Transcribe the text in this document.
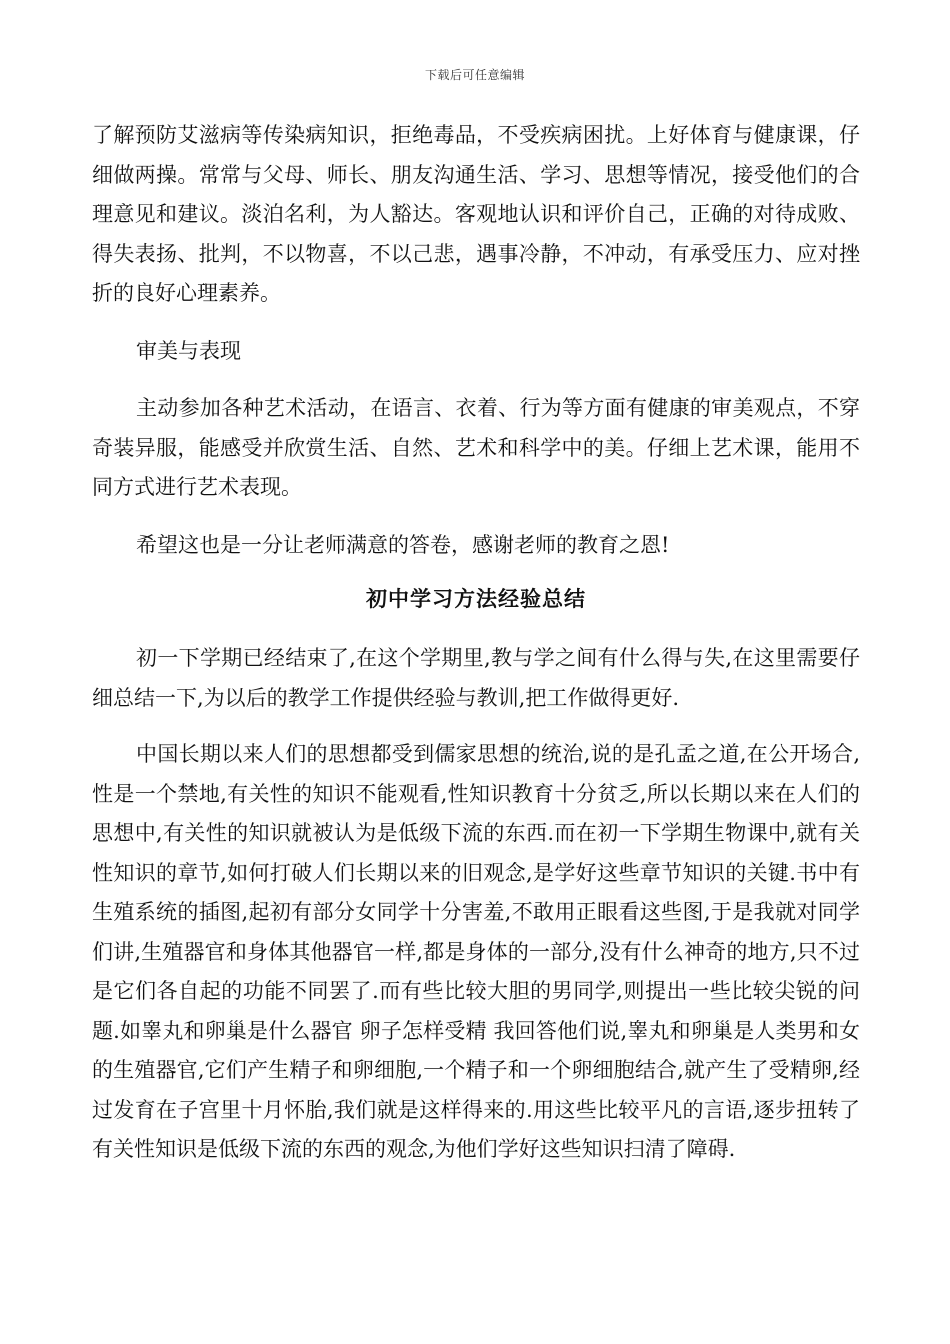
下载后可任意编辑

了解预防艾滋病等传染病知识，拒绝毒品，不受疾病困扰。上好体育与健康课，仔细做两操。常常与父母、师长、朋友沟通生活、学习、思想等情况，接受他们的合理意见和建议。淡泊名利，为人豁达。客观地认识和评价自己，正确的对待成败、得失表扬、批判，不以物喜，不以己悲，遇事冷静，不冲动，有承受压力、应对挫折的良好心理素养。

审美与表现

主动参加各种艺术活动，在语言、衣着、行为等方面有健康的审美观点，不穿奇装异服，能感受并欣赏生活、自然、艺术和科学中的美。仔细上艺术课，能用不同方式进行艺术表现。

希望这也是一分让老师满意的答卷，感谢老师的教育之恩!

初中学习方法经验总结

初一下学期已经结束了,在这个学期里,教与学之间有什么得与失,在这里需要仔细总结一下,为以后的教学工作提供经验与教训,把工作做得更好.

中国长期以来人们的思想都受到儒家思想的统治,说的是孔孟之道,在公开场合,性是一个禁地,有关性的知识不能观看,性知识教育十分贫乏,所以长期以来在人们的思想中,有关性的知识就被认为是低级下流的东西.而在初一下学期生物课中,就有关性知识的章节,如何打破人们长期以来的旧观念,是学好这些章节知识的关键.书中有生殖系统的插图,起初有部分女同学十分害羞,不敢用正眼看这些图,于是我就对同学们讲,生殖器官和身体其他器官一样,都是身体的一部分,没有什么神奇的地方,只不过是它们各自起的功能不同罢了.而有些比较大胆的男同学,则提出一些比较尖锐的问题.如睾丸和卵巢是什么器官 卵子怎样受精 我回答他们说,睾丸和卵巢是人类男和女的生殖器官,它们产生精子和卵细胞,一个精子和一个卵细胞结合,就产生了受精卵,经过发育在子宫里十月怀胎,我们就是这样得来的.用这些比较平凡的言语,逐步扭转了有关性知识是低级下流的东西的观念,为他们学好这些知识扫清了障碍.
